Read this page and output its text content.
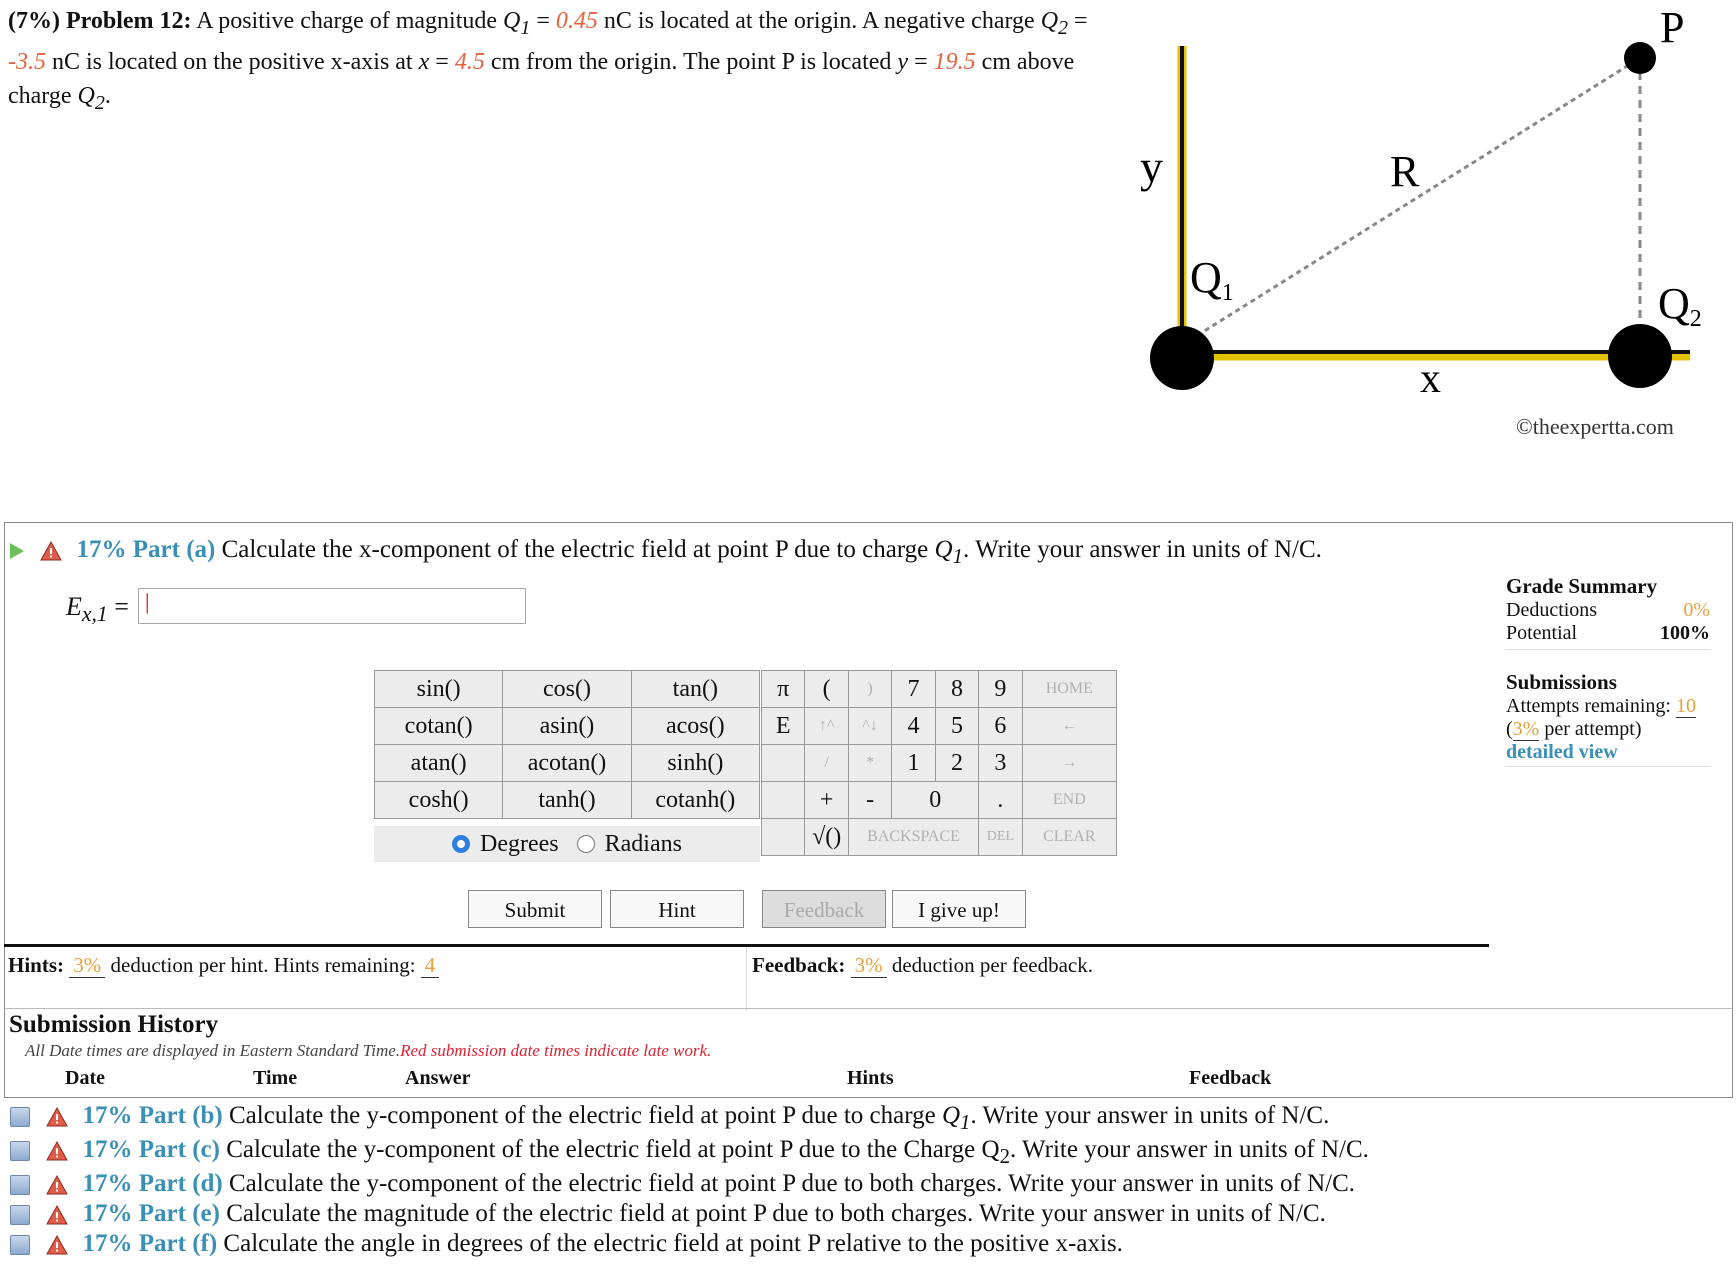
(7%) Problem 12: A positive charge of magnitude $Q_1 = 0.45$ nC is located at the origin. A negative charge $Q_2 = -3.5$ nC is located on the positive x-axis at x = 4.5 cm from the origin. The point P is located y = 19.5 cm above charge $Q_2$.
P
y	R
Q1	Q2
x
©theexpertta.com
17% Part (a) Calculate the x-component of the electric field at point P due to charge $Q_1$. Write your answer in units of N/C.
$E_{x,1}$ = |
sin()	cos()	tan()
cotan()	asin()	acos()
atan()	acotan()	sinh()
cosh()	tanh()	cotanh()
Degrees Radians
π	(	)	7	8	9	HOME
E	↑^	^↓	4	5	6	←
	/	*	1	2	3	→
	+	-	0		.	END
	√()	BACKSPACE			DEL	CLEAR
Submit	Hint	Feedback	I give up!
Hints: 3% deduction per hint. Hints remaining: 4	Feedback: 3% deduction per feedback.
Grade Summary
Deductions	0%
Potential	100%
Submissions
Attempts remaining: 10
(3% per attempt)
detailed view
Submission History
All Date times are displayed in Eastern Standard Time.Red submission date times indicate late work.
Date	Time	Answer	Hints	Feedback
17% Part (b) Calculate the y-component of the electric field at point P due to charge $Q_1$. Write your answer in units of N/C.
17% Part (c) Calculate the y-component of the electric field at point P due to the Charge $Q_2$. Write your answer in units of N/C.
17% Part (d) Calculate the y-component of the electric field at point P due to both charges. Write your answer in units of N/C.
17% Part (e) Calculate the magnitude of the electric field at point P due to both charges. Write your answer in units of N/C.
17% Part (f) Calculate the angle in degrees of the electric field at point P relative to the positive x-axis.
